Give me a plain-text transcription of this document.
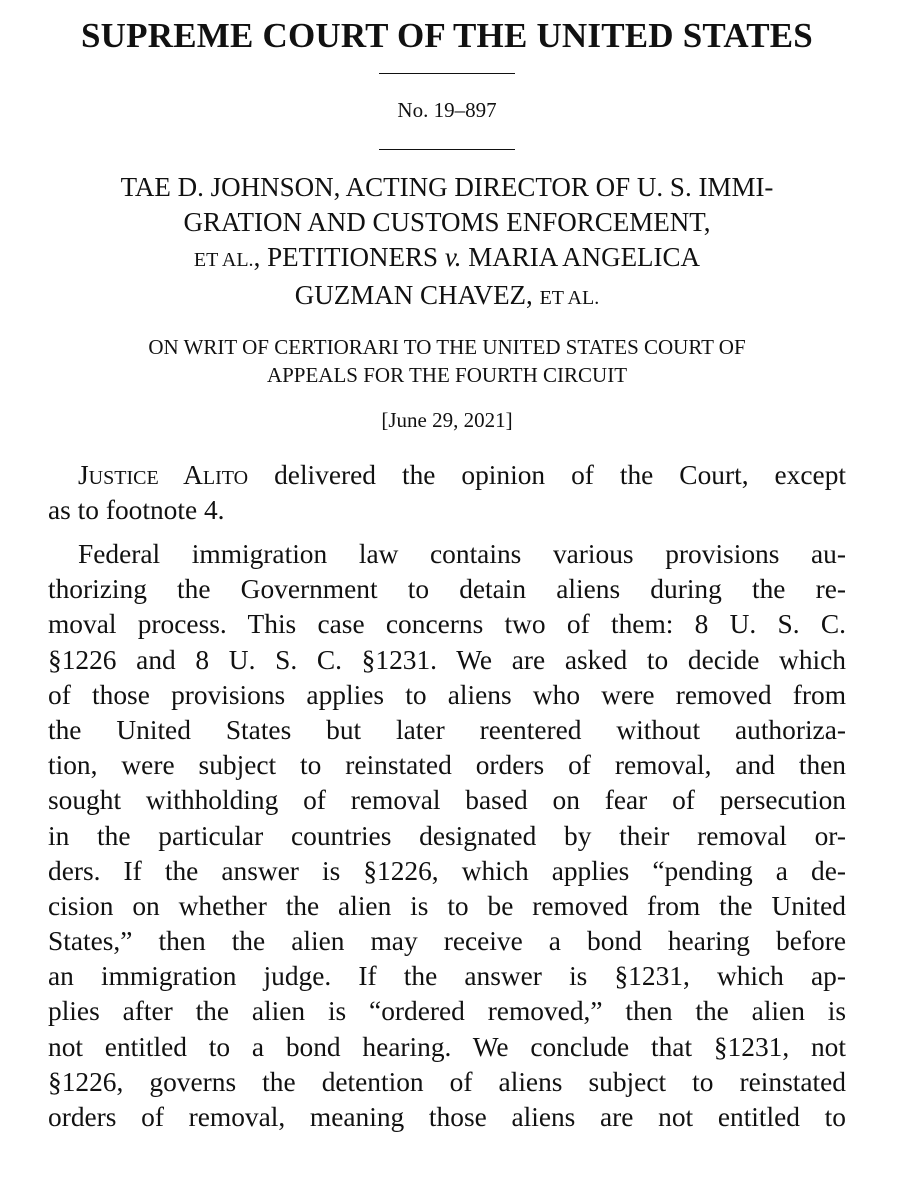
SUPREME COURT OF THE UNITED STATES
No. 19–897
TAE D. JOHNSON, ACTING DIRECTOR OF U. S. IMMI-
GRATION AND CUSTOMS ENFORCEMENT,
ET AL., PETITIONERS v. MARIA ANGELICA
GUZMAN CHAVEZ, ET AL.
ON WRIT OF CERTIORARI TO THE UNITED STATES COURT OF
APPEALS FOR THE FOURTH CIRCUIT
[June 29, 2021]
JUSTICE ALITO delivered the opinion of the Court, except
as to footnote 4.
Federal immigration law contains various provisions au-
thorizing the Government to detain aliens during the re-
moval process. This case concerns two of them: 8 U. S. C.
§1226 and 8 U. S. C. §1231. We are asked to decide which
of those provisions applies to aliens who were removed from
the United States but later reentered without authoriza-
tion, were subject to reinstated orders of removal, and then
sought withholding of removal based on fear of persecution
in the particular countries designated by their removal or-
ders. If the answer is §1226, which applies “pending a de-
cision on whether the alien is to be removed from the United
States,” then the alien may receive a bond hearing before
an immigration judge. If the answer is §1231, which ap-
plies after the alien is “ordered removed,” then the alien is
not entitled to a bond hearing. We conclude that §1231, not
§1226, governs the detention of aliens subject to reinstated
orders of removal, meaning those aliens are not entitled to
